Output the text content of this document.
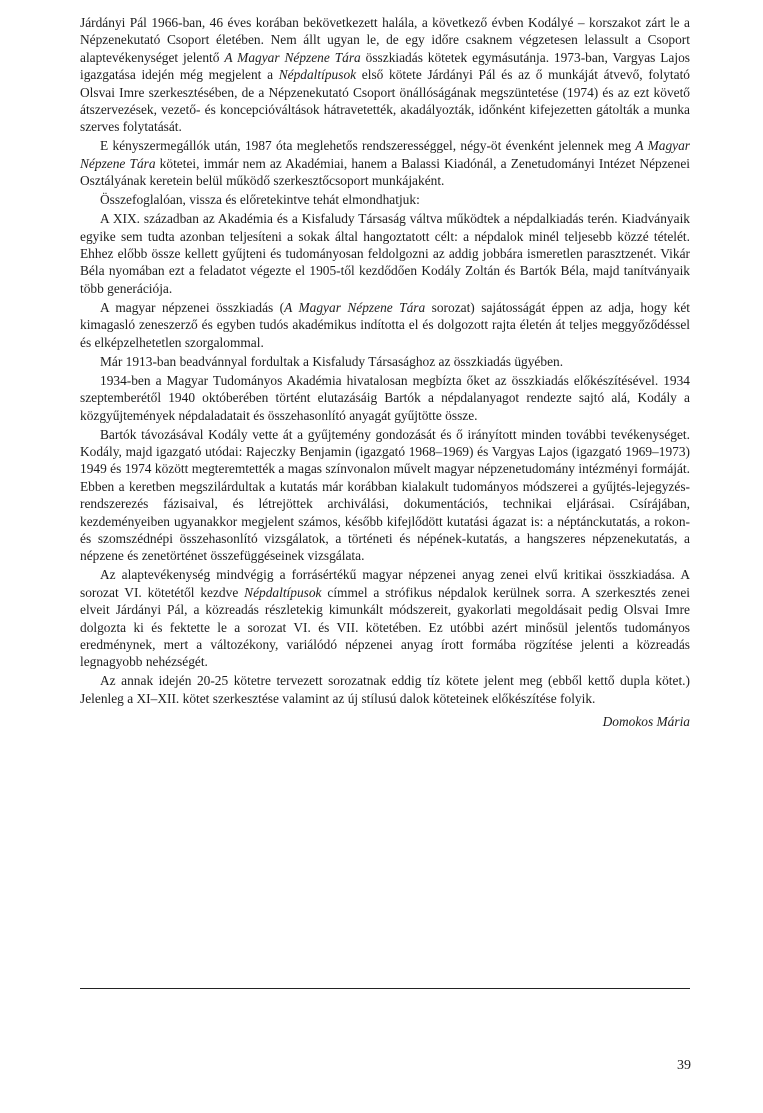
Járdányi Pál 1966-ban, 46 éves korában bekövetkezett halála, a következő évben Kodályé – korszakot zárt le a Népzenekutató Csoport életében. Nem állt ugyan le, de egy időre csaknem végzetesen lelassult a Csoport alaptevékenységet jelentő A Magyar Népzene Tára összkiadás kötetek egymásutánja. 1973-ban, Vargyas Lajos igazgatása idején még megjelent a Népdaltípusok első kötete Járdányi Pál és az ő munkáját átvevő, folytató Olsvai Imre szerkesztésében, de a Népzenekutató Csoport önállóságának megszüntetése (1974) és az ezt követő átszervezések, vezető- és koncepcióváltások hátravetették, akadályozták, időnként kifejezetten gátolták a munka szerves folytatását.

E kényszermegállók után, 1987 óta meglehetős rendszerességgel, négy-öt évenként jelennek meg A Magyar Népzene Tára kötetei, immár nem az Akadémiai, hanem a Balassi Kiadónál, a Zenetudományi Intézet Népzenei Osztályának keretein belül működő szerkesztőcsoport munkájaként.

Összefoglalóan, vissza és előretekintve tehát elmondhatjuk:

A XIX. században az Akadémia és a Kisfaludy Társaság váltva működtek a népdalkiadás terén. Kiadványaik egyike sem tudta azonban teljesíteni a sokak által hangoztatott célt: a népdalok minél teljesebb közzé tételét. Ehhez előbb össze kellett gyűjteni és tudományosan feldolgozni az addig jobbára ismeretlen parasztzenét. Vikár Béla nyomában ezt a feladatot végezte el 1905-től kezdődően Kodály Zoltán és Bartók Béla, majd tanítványaik több generációja.

A magyar népzenei összkiadás (A Magyar Népzene Tára sorozat) sajátosságát éppen az adja, hogy két kimagasló zeneszerző és egyben tudós akadémikus indította el és dolgozott rajta életén át teljes meggyőződéssel és elképzelhetetlen szorgalommal.

Már 1913-ban beadvánnyal fordultak a Kisfaludy Társasághoz az összkiadás ügyében.

1934-ben a Magyar Tudományos Akadémia hivatalosan megbízta őket az összkiadás előkészítésével. 1934 szeptemberétől 1940 októberében történt elutazásáig Bartók a népdalanyagot rendezte sajtó alá, Kodály a közgyűjtemények népdaladatait és összehasonlító anyagát gyűjtötte össze.

Bartók távozásával Kodály vette át a gyűjtemény gondozását és ő irányított minden további tevékenységet. Kodály, majd igazgató utódai: Rajeczky Benjamin (igazgató 1968–1969) és Vargyas Lajos (igazgató 1969–1973) 1949 és 1974 között megteremtették a magas színvonalon művelt magyar népzenetudomány intézményi formáját. Ebben a keretben megszilárdultak a kutatás már korábban kialakult tudományos módszerei a gyűjtés-lejegyzés-rendszerezés fázisaival, és létrejöttek archiválási, dokumentációs, technikai eljárásai. Csírájában, kezdeményeiben ugyanakkor megjelent számos, később kifejlődött kutatási ágazat is: a néptánckutatás, a rokon- és szomszédnépi összehasonlító vizsgálatok, a történeti és népének-kutatás, a hangszeres népzenekutatás, a népzene és zenetörténet összefüggéseinek vizsgálata.

Az alaptevékenység mindvégig a forrásértékű magyar népzenei anyag zenei elvű kritikai összkiadása. A sorozat VI. kötetétől kezdve Népdaltípusok címmel a strófikus népdalok kerülnek sorra. A szerkesztés zenei elveit Járdányi Pál, a közreadás részletekig kimunkált módszereit, gyakorlati megoldásait pedig Olsvai Imre dolgozta ki és fektette le a sorozat VI. és VII. kötetében. Ez utóbbi azért minősül jelentős tudományos eredménynek, mert a változékony, variálódó népzenei anyag írott formába rögzítése jelenti a közreadás legnagyobb nehézségét.

Az annak idején 20-25 kötetre tervezett sorozatnak eddig tíz kötete jelent meg (ebből kettő dupla kötet.) Jelenleg a XI–XII. kötet szerkesztése valamint az új stílusú dalok köteteinek előkészítése folyik.

Domokos Mária
39
